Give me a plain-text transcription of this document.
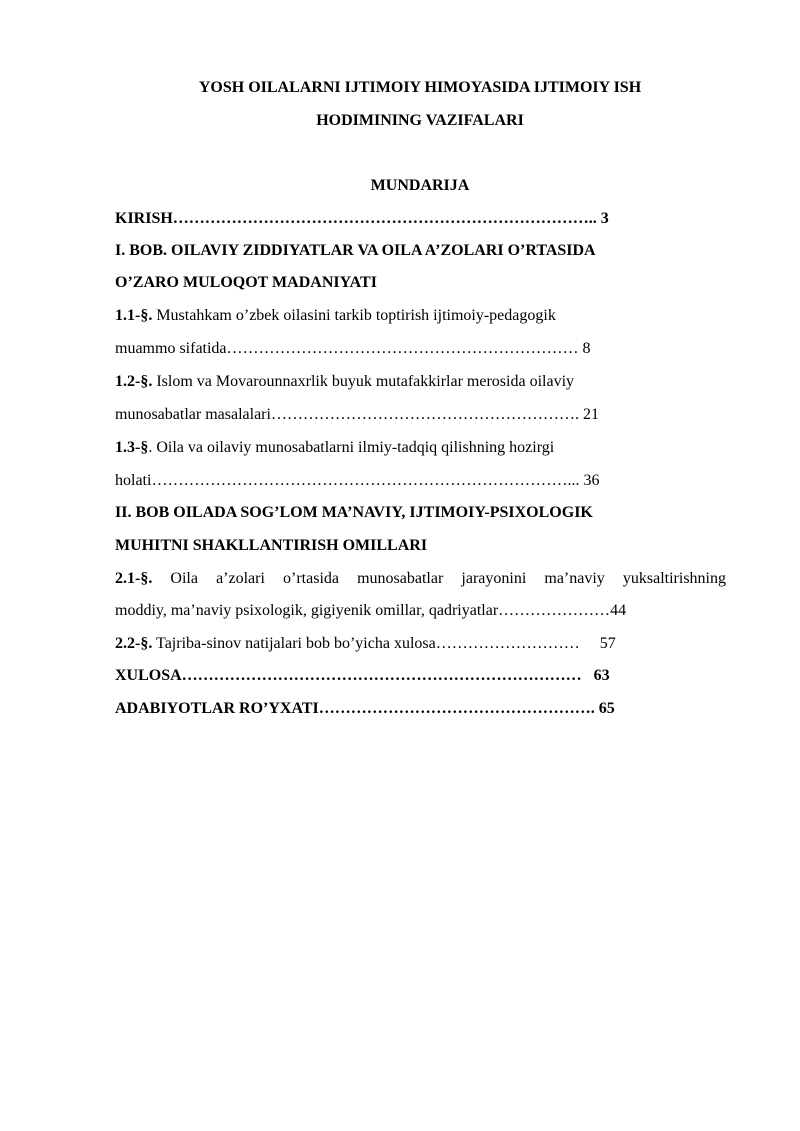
YOSH OILALARNI IJTIMOIY HIMOYASIDA IJTIMOIY ISH
HODIMINING VAZIFALARI
MUNDARIJA
KIRISH…………………………………………………………………….. 3
I. BOB. OILAVIY ZIDDIYATLAR VA OILA A’ZOLARI O’RTASIDA
O’ZARO MULOQOT MADANIYATI
1.1-§. Mustahkam o’zbek oilasini tarkib toptirish ijtimoiy-pedagogik
muammo sifatida………………………………………………………… 8
1.2-§. Islom va Movarounnaxrlik buyuk mutafakkirlar merosida oilaviy
munosabatlar masalalari…………………………………………………. 21
1.3-§. Oila va oilaviy munosabatlarni ilmiy-tadqiq qilishning hozirgi
holati……………………………………………………………………... 36
II. BOB OILADA SOG’LOM MA’NAVIY, IJTIMOIY-PSIXOLOGIK
MUHITNI SHAKLLANTIRISH OMILLARI
2.1-§. Oila a’zolari o’rtasida munosabatlar jarayonini ma’naviy yuksaltirishning
moddiy, ma’naviy psixologik, gigiyenik omillar, qadriyatlar…………………44
2.2-§. Tajriba-sinov natijalari bob bo’yicha xulosa………………………     57
XULOSA…………………………………………………………………   63
ADABIYOTLAR RO’YXATI……………………………………………. 65
